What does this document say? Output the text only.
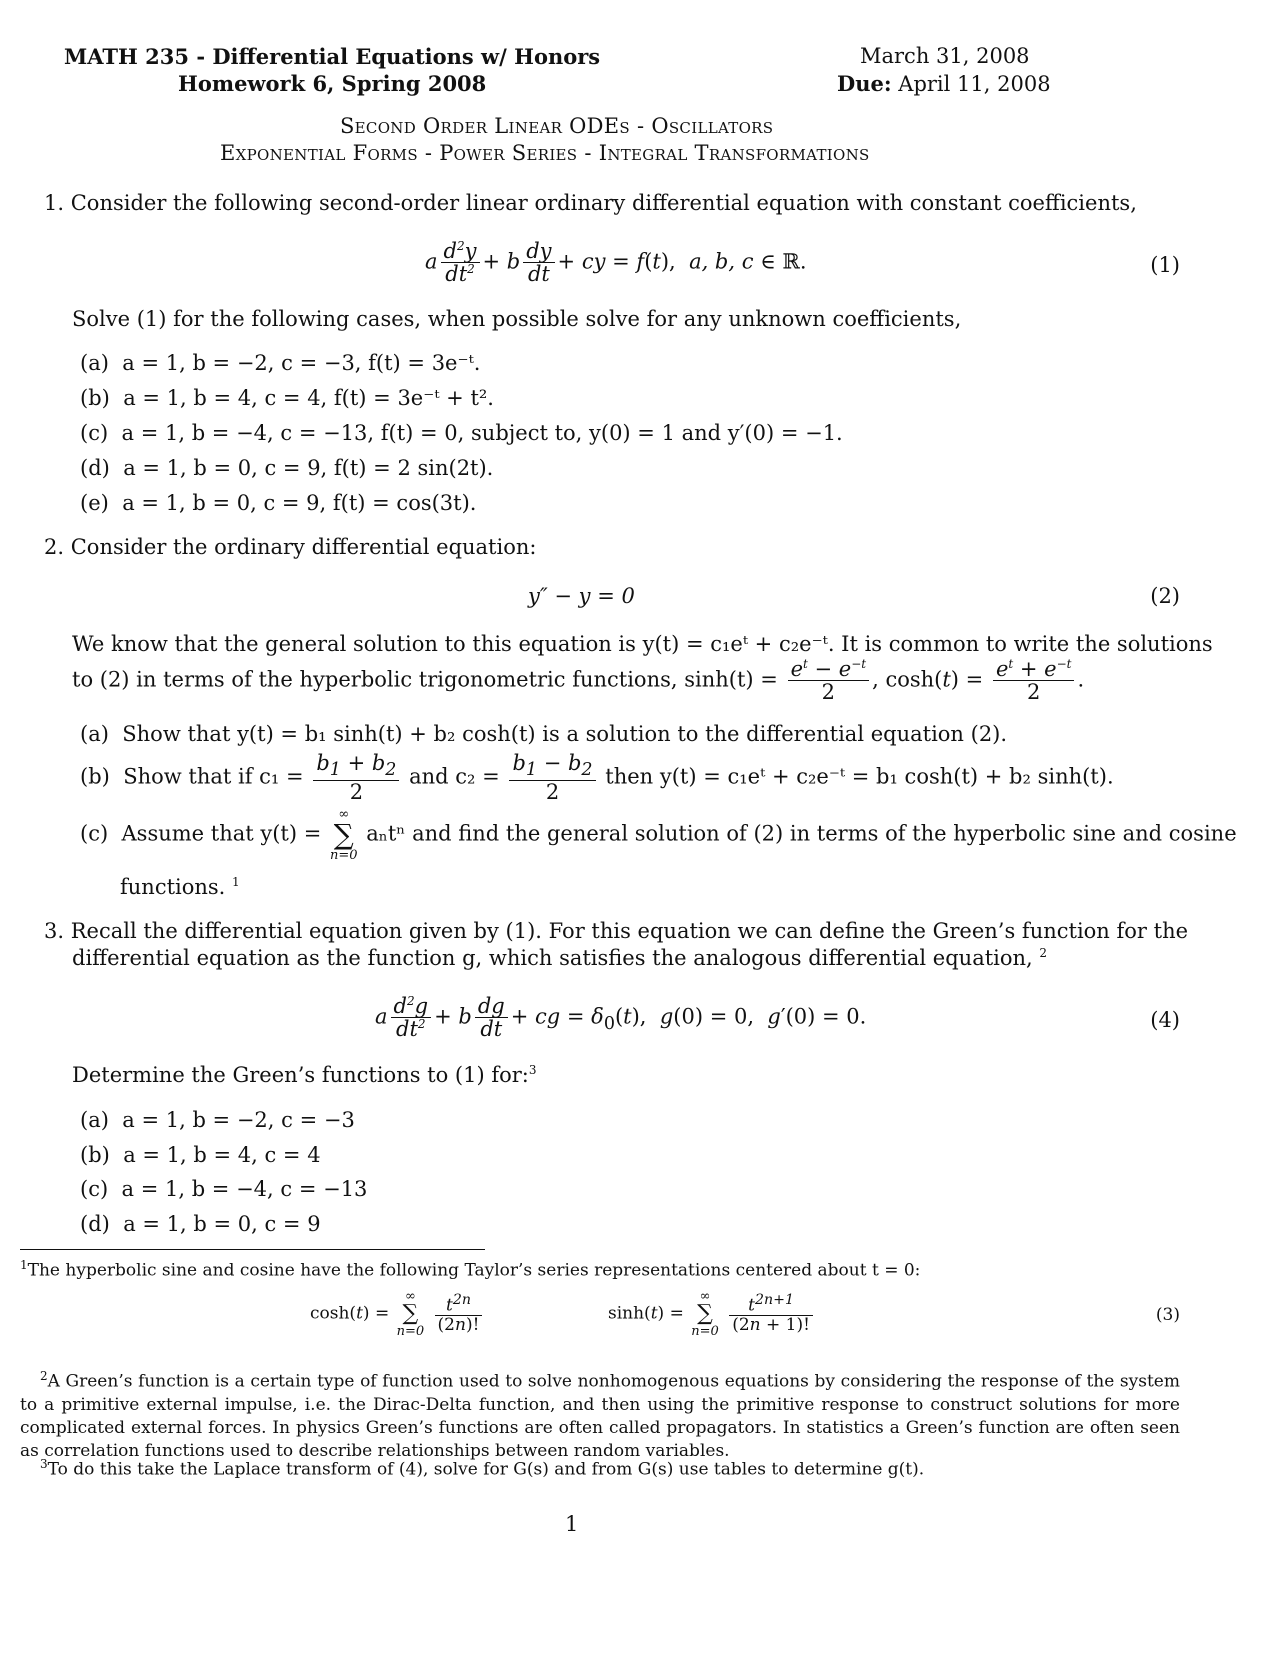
MATH 235 - Differential Equations w/ Honors
Homework 6, Spring 2008
March 31, 2008
Due: April 11, 2008
Second Order Linear ODEs - Oscillators
Exponential Forms - Power Series - Integral Transformations
1. Consider the following second-order linear ordinary differential equation with constant coefficients,
a $\frac{d^2y}{dt^2} + b \frac{dy}{dt}$ + cy = f(t),  a, b, c ∈ ℝ.	(1)
Solve (1) for the following cases, when possible solve for any unknown coefficients,
(a) a = 1, b = −2, c = −3, f(t) = 3e⁻ᵗ.
(b) a = 1, b = 4, c = 4, f(t) = 3e⁻ᵗ + t².
(c) a = 1, b = −4, c = −13, f(t) = 0, subject to, y(0) = 1 and y′(0) = −1.
(d) a = 1, b = 0, c = 9, f(t) = 2 sin(2t).
(e) a = 1, b = 0, c = 9, f(t) = cos(3t).
2. Consider the ordinary differential equation:
y″ − y = 0	(2)
We know that the general solution to this equation is y(t) = c₁eᵗ + c₂e⁻ᵗ. It is common to write the solutions
to (2) in terms of the hyperbolic trigonometric functions, $\sinh(t) = \frac{e^t - e^{-t}}{2}$ , $\cosh(t) = \frac{e^t + e^{-t}}{2}$ .
(a) Show that y(t) = b₁ sinh(t) + b₂ cosh(t) is a solution to the differential equation (2).
(b) Show that if $c_1 = \frac{b_1 + b_2}{2}$ and $c_2 = \frac{b_1 - b_2}{2}$ then y(t) = c₁eᵗ + c₂e⁻ᵗ = b₁ cosh(t) + b₂ sinh(t).
(c) Assume that y(t) =
∞
∑
n=0
aₙtⁿ and find the general solution of (2) in terms of the hyperbolic sine and cosine
functions. $^1$
3. Recall the differential equation given by (1). For this equation we can define the Green’s function for the
differential equation as the function g, which satisfies the analogous differential equation, $^2$
a $\frac{d^2g}{dt^2} + b \frac{dg}{dt}$ + cg = $\delta_0(t)$,  g(0) = 0,  g′(0) = 0.	(4)
Determine the Green’s functions to (1) for:$^3$
(a) a = 1, b = −2, c = −3
(b) a = 1, b = 4, c = 4
(c) a = 1, b = −4, c = −13
(d) a = 1, b = 0, c = 9
$^1$The hyperbolic sine and cosine have the following Taylor’s series representations centered about t = 0:
cosh(t) =
∞
∑
n=0
$\frac{t^{2n}}{(2n)!}$	sinh(t) =
∞
∑
n=0
$\frac{t^{2n+1}}{(2n + 1)!}$	(3)
$^2$A Green’s function is a certain type of function used to solve nonhomogenous equations by considering the response of the system to a primitive external impulse, i.e. the Dirac-Delta function, and then using the primitive response to construct solutions for more complicated external forces. In physics Green’s functions are often called propagators. In statistics a Green’s function are often seen as correlation functions used to describe relationships between random variables.
$^3$To do this take the Laplace transform of (4), solve for G(s) and from G(s) use tables to determine g(t).
1
